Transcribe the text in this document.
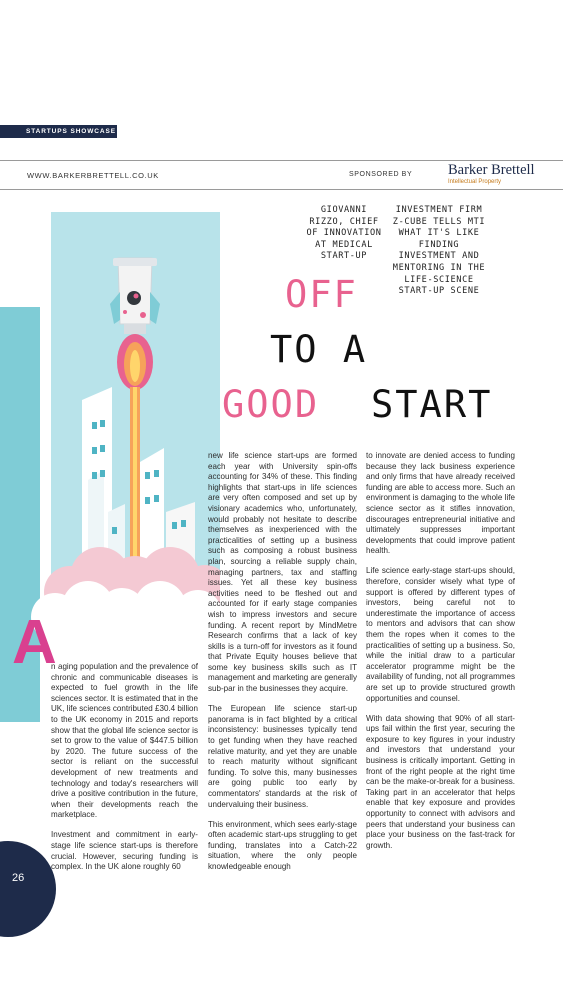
STARTUPS SHOWCASE
WWW.BARKERBRETTELL.CO.UK	SPONSORED BY Barker Brettell
Intellectual Property
GIOVANNI RIZZO, CHIEF OF INNOVATION AT MEDICAL START-UP
INVESTMENT FIRM Z-CUBE TELLS MTI WHAT IT'S LIKE FINDING INVESTMENT AND MENTORING IN THE LIFE-SCIENCE START-UP SCENE
OFF
TO A
GOOD START
A

n aging population and the prevalence of chronic and communicable diseases is expected to fuel growth in the life sciences sector. It is estimated that in the UK, life sciences contributed £30.4 billion to the UK economy in 2015 and reports show that the global life science sector is set to grow to the value of $447.5 billion by 2020. The future success of the sector is reliant on the successful development of new treatments and technology and today's researchers will drive a positive contribution in the future, when their developments reach the marketplace.

Investment and commitment in early-stage life science start-ups is therefore crucial. However, securing funding is complex. In the UK alone roughly 60

new life science start-ups are formed each year with University spin-offs accounting for 34% of these. This finding highlights that start-ups in life sciences are very often composed and set up by visionary academics who, unfortunately, would probably not hesitate to describe themselves as inexperienced with the practicalities of setting up a business such as composing a robust business plan, sourcing a reliable supply chain, managing partners, tax and staffing issues. Yet all these key business activities need to be fleshed out and accounted for if early stage companies wish to impress investors and secure funding. A recent report by MindMetre Research confirms that a lack of key skills is a turn-off for investors as it found that Private Equity houses believe that some key business skills such as IT management and marketing are generally sub-par in the businesses they acquire.

The European life science start-up panorama is in fact blighted by a critical inconsistency: businesses typically tend to get funding when they have reached relative maturity, and yet they are unable to reach maturity without significant funding. To solve this, many businesses are going public too early by commentators' standards at the risk of undervaluing their business.

This environment, which sees early-stage often academic start-ups struggling to get funding, translates into a Catch-22 situation, where the only people knowledgeable enough

to innovate are denied access to funding because they lack business experience and only firms that have already received funding are able to access more. Such an environment is damaging to the whole life science sector as it stifles innovation, discourages entrepreneurial initiative and ultimately suppresses important developments that could improve patient health.

Life science early-stage start-ups should, therefore, consider wisely what type of support is offered by different types of investors, being careful not to underestimate the importance of access to mentors and advisors that can show them the ropes when it comes to the practicalities of setting up a business. So, while the initial draw to a particular accelerator programme might be the availability of funding, not all programmes are set up to provide structured growth opportunities and counsel.

With data showing that 90% of all start-ups fail within the first year, securing the exposure to key figures in your industry and investors that understand your business is critically important. Getting in front of the right people at the right time can be the make-or-break for a business. Taking part in an accelerator that helps enable that key exposure and provides opportunity to connect with advisors and peers that understand your business can place your business on the fast-track for growth.

26
